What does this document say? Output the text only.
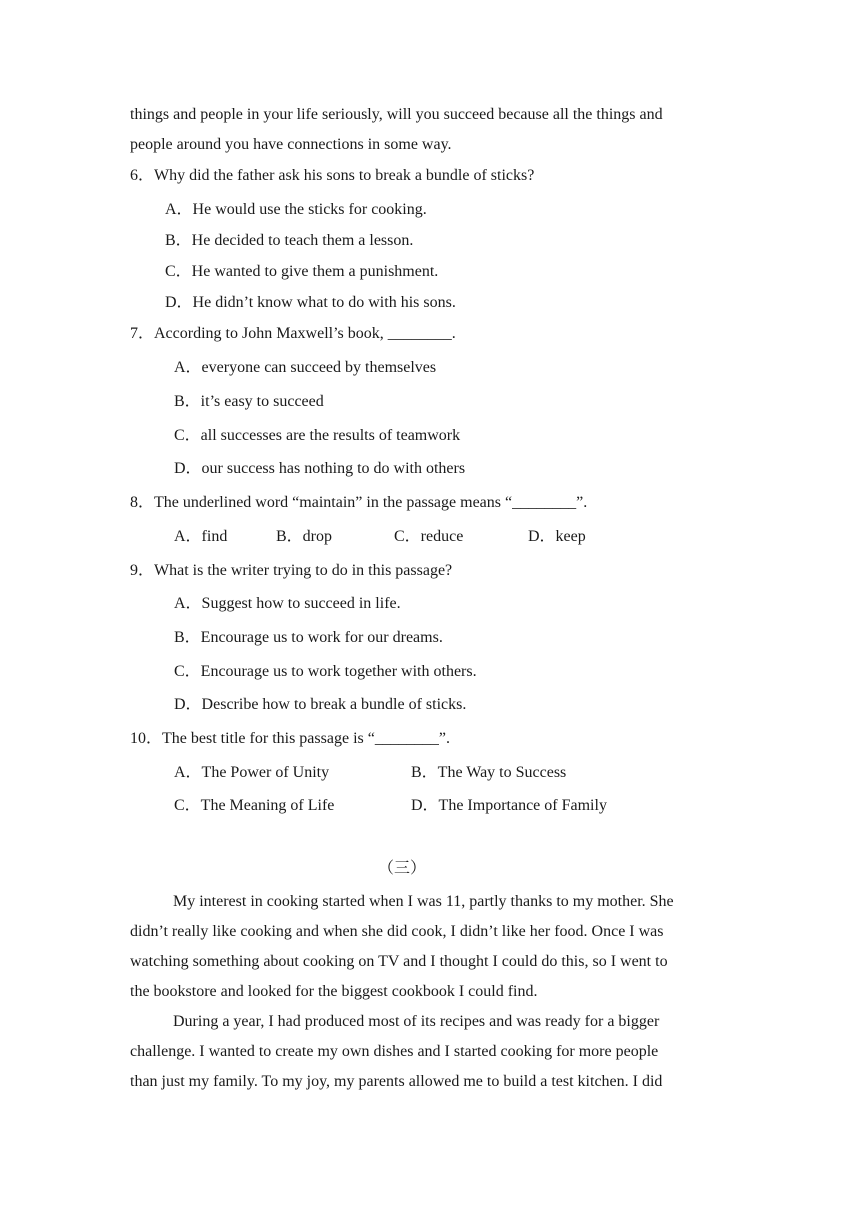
things and people in your life seriously, will you succeed because all the things and
people around you have connections in some way.
6．Why did the father ask his sons to break a bundle of sticks?
A．He would use the sticks for cooking.
B．He decided to teach them a lesson.
C．He wanted to give them a punishment.
D．He didn’t know what to do with his sons.
7．According to John Maxwell’s book, ________.
A．everyone can succeed by themselves
B．it’s easy to succeed
C．all successes are the results of teamwork
D．our success has nothing to do with others
8．The underlined word “maintain” in the passage means “________”.
A．find	B．drop	C．reduce	D．keep
9．What is the writer trying to do in this passage?
A．Suggest how to succeed in life.
B．Encourage us to work for our dreams.
C．Encourage us to work together with others.
D．Describe how to break a bundle of sticks.
10．The best title for this passage is “________”.
A．The Power of Unity	B．The Way to Success
C．The Meaning of Life	D．The Importance of Family
（三）
My interest in cooking started when I was 11, partly thanks to my mother. She
didn’t really like cooking and when she did cook, I didn’t like her food. Once I was
watching something about cooking on TV and I thought I could do this, so I went to
the bookstore and looked for the biggest cookbook I could find.
During a year, I had produced most of its recipes and was ready for a bigger
challenge. I wanted to create my own dishes and I started cooking for more people
than just my family. To my joy, my parents allowed me to build a test kitchen. I did
